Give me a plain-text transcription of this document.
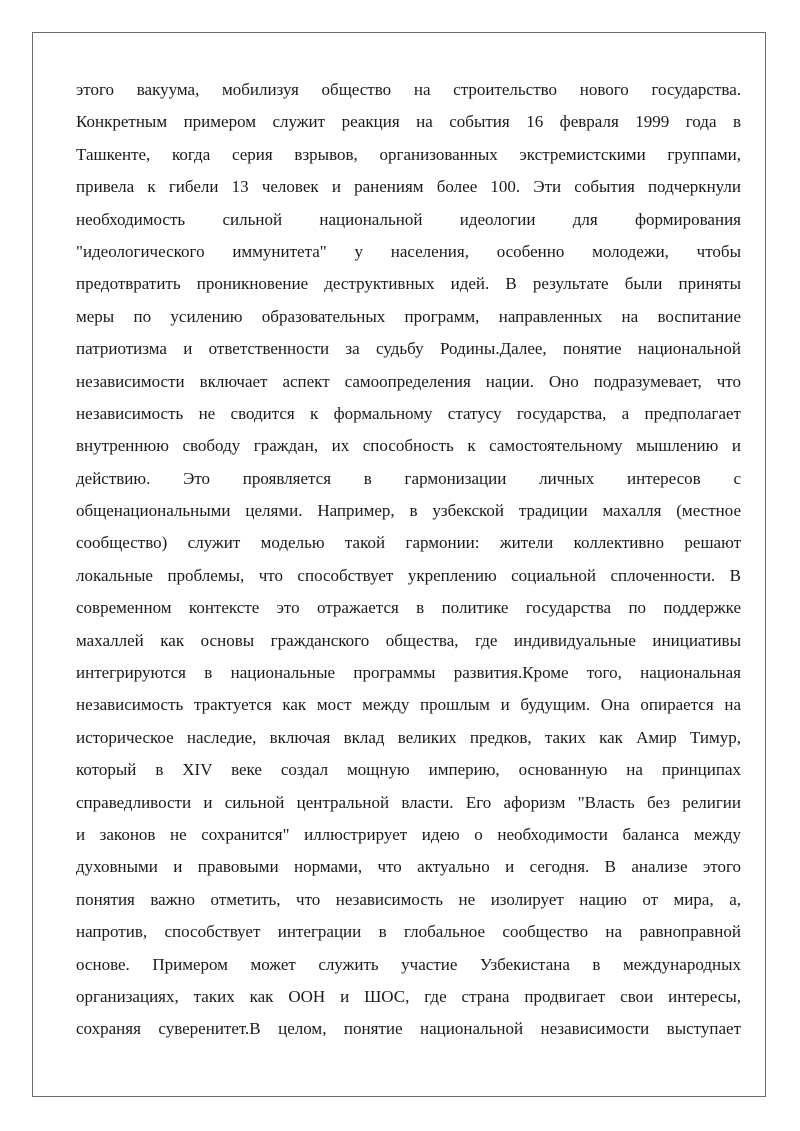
этого вакуума, мобилизуя общество на строительство нового государства.
Конкретным примером служит реакция на события 16 февраля 1999 года в
Ташкенте, когда серия взрывов, организованных экстремистскими группами,
привела к гибели 13 человек и ранениям более 100. Эти события подчеркнули
необходимость сильной национальной идеологии для формирования
"идеологического иммунитета" у населения, особенно молодежи, чтобы
предотвратить проникновение деструктивных идей. В результате были приняты
меры по усилению образовательных программ, направленных на воспитание
патриотизма и ответственности за судьбу Родины.Далее, понятие национальной
независимости включает аспект самоопределения нации. Оно подразумевает, что
независимость не сводится к формальному статусу государства, а предполагает
внутреннюю свободу граждан, их способность к самостоятельному мышлению и
действию. Это проявляется в гармонизации личных интересов с
общенациональными целями. Например, в узбекской традиции махалля (местное
сообщество) служит моделью такой гармонии: жители коллективно решают
локальные проблемы, что способствует укреплению социальной сплоченности. В
современном контексте это отражается в политике государства по поддержке
махаллей как основы гражданского общества, где индивидуальные инициативы
интегрируются в национальные программы развития.Кроме того, национальная
независимость трактуется как мост между прошлым и будущим. Она опирается на
историческое наследие, включая вклад великих предков, таких как Амир Тимур,
который в XIV веке создал мощную империю, основанную на принципах
справедливости и сильной центральной власти. Его афоризм "Власть без религии
и законов не сохранится" иллюстрирует идею о необходимости баланса между
духовными и правовыми нормами, что актуально и сегодня. В анализе этого
понятия важно отметить, что независимость не изолирует нацию от мира, а,
напротив, способствует интеграции в глобальное сообщество на равноправной
основе. Примером может служить участие Узбекистана в международных
организациях, таких как ООН и ШОС, где страна продвигает свои интересы,
сохраняя суверенитет.В целом, понятие национальной независимости выступает
